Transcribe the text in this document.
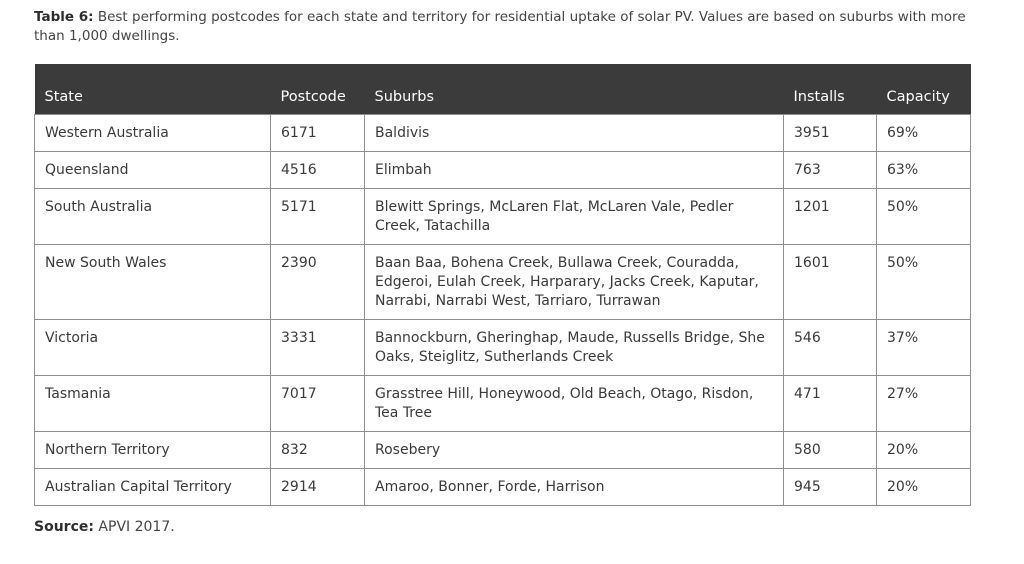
Table 6: Best performing postcodes for each state and territory for residential uptake of solar PV. Values are based on suburbs with more than 1,000 dwellings.
State	Postcode	Suburbs	Installs	Capacity
Western Australia	6171	Baldivis	3951	69%
Queensland	4516	Elimbah	763	63%
South Australia	5171	Blewitt Springs, McLaren Flat, McLaren Vale, Pedler Creek, Tatachilla	1201	50%
New South Wales	2390	Baan Baa, Bohena Creek, Bullawa Creek, Couradda, Edgeroi, Eulah Creek, Harparary, Jacks Creek, Kaputar, Narrabi, Narrabi West, Tarriaro, Turrawan	1601	50%
Victoria	3331	Bannockburn, Gheringhap, Maude, Russells Bridge, She Oaks, Steiglitz, Sutherlands Creek	546	37%
Tasmania	7017	Grasstree Hill, Honeywood, Old Beach, Otago, Risdon, Tea Tree	471	27%
Northern Territory	832	Rosebery	580	20%
Australian Capital Territory	2914	Amaroo, Bonner, Forde, Harrison	945	20%
Source: APVI 2017.
